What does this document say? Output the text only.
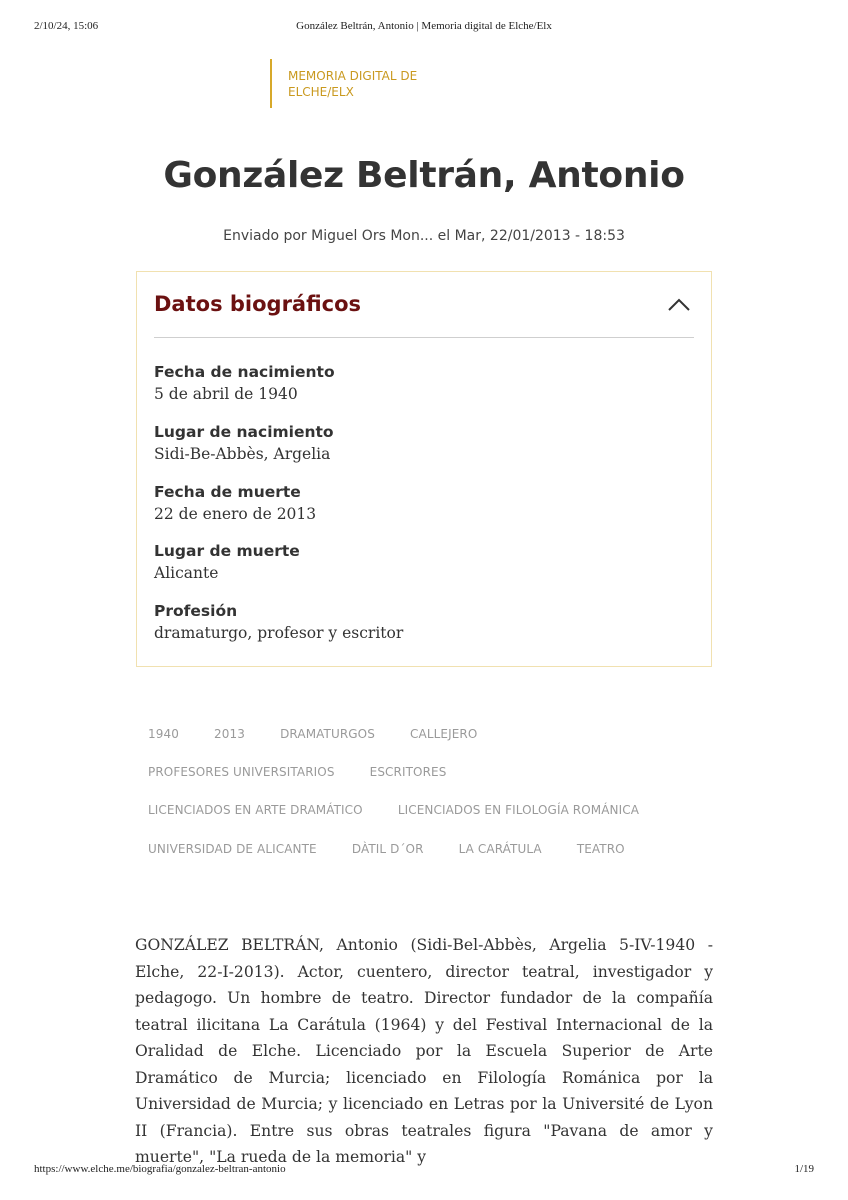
2/10/24, 15:06	González Beltrán, Antonio | Memoria digital de Elche/Elx
MEMORIA DIGITAL DE
ELCHE/ELX
González Beltrán, Antonio
Enviado por Miguel Ors Mon... el Mar, 22/01/2013 - 18:53
Datos biográficos
Fecha de nacimiento
5 de abril de 1940
Lugar de nacimiento
Sidi-Be-Abbès, Argelia
Fecha de muerte
22 de enero de 2013
Lugar de muerte
Alicante
Profesión
dramaturgo, profesor y escritor
1940	2013	DRAMATURGOS	CALLEJERO
PROFESORES UNIVERSITARIOS	ESCRITORES
LICENCIADOS EN ARTE DRAMÁTICO	LICENCIADOS EN FILOLOGÍA ROMÁNICA
UNIVERSIDAD DE ALICANTE	DÀTIL D´OR	LA CARÁTULA	TEATRO

GONZÁLEZ BELTRÁN, Antonio (Sidi-Bel-Abbès, Argelia 5-IV-1940 - Elche, 22-I-2013). Actor, cuentero, director teatral, investigador y pedagogo. Un hombre de teatro. Director fundador de la compañía teatral ilicitana La Carátula (1964) y del Festival Internacional de la Oralidad de Elche. Licenciado por la Escuela Superior de Arte Dramático de Murcia; licenciado en Filología Románica por la Universidad de Murcia; y licenciado en Letras por la Université de Lyon II (Francia). Entre sus obras teatrales figura "Pavana de amor y muerte", "La rueda de la memoria" y

https://www.elche.me/biografia/gonzalez-beltran-antonio	1/19
